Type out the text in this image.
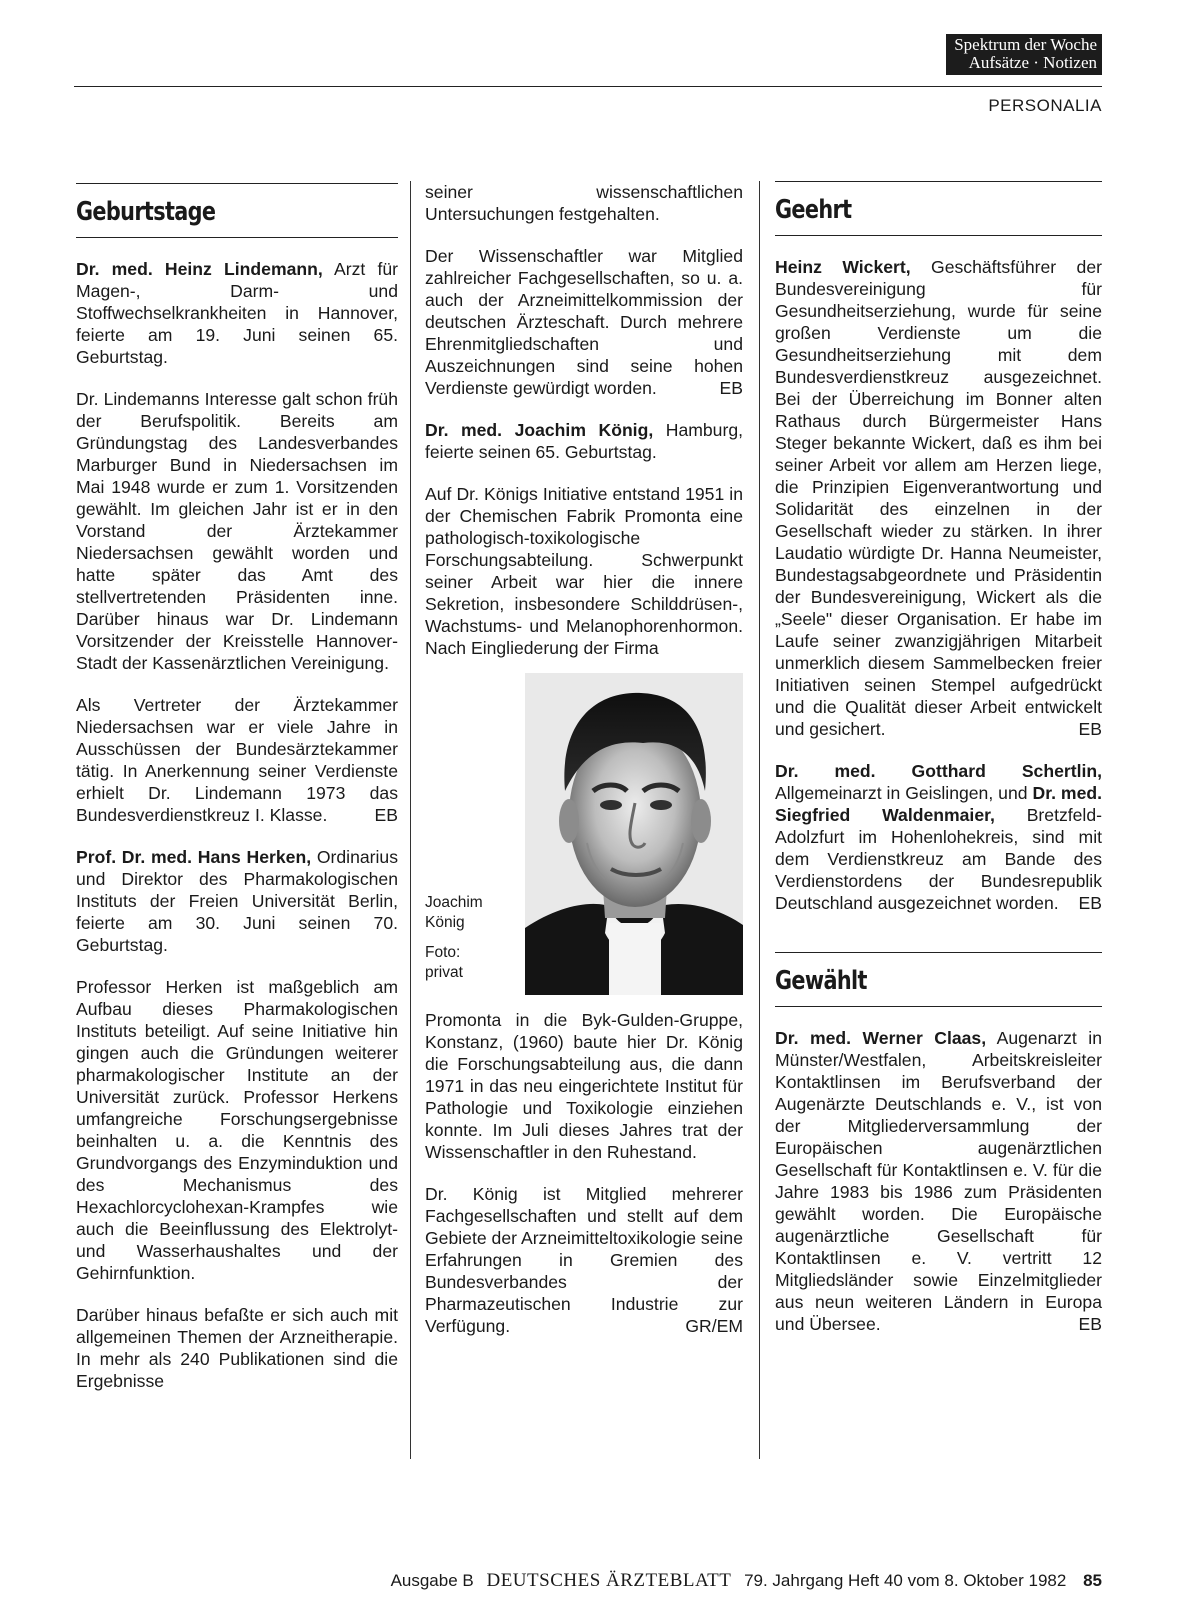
Spektrum der Woche
Aufsätze · Notizen
PERSONALIA
Geburtstage

Dr. med. Heinz Lindemann, Arzt für Magen-, Darm- und Stoffwechselkrankheiten in Hannover, feierte am 19. Juni seinen 65. Geburtstag.

Dr. Lindemanns Interesse galt schon früh der Berufspolitik. Bereits am Gründungstag des Landesverbandes Marburger Bund in Niedersachsen im Mai 1948 wurde er zum 1. Vorsitzenden gewählt. Im gleichen Jahr ist er in den Vorstand der Ärztekammer Niedersachsen gewählt worden und hatte später das Amt des stellvertretenden Präsidenten inne. Darüber hinaus war Dr. Lindemann Vorsitzender der Kreisstelle Hannover-Stadt der Kassenärztlichen Vereinigung.

Als Vertreter der Ärztekammer Niedersachsen war er viele Jahre in Ausschüssen der Bundesärztekammer tätig. In Anerkennung seiner Verdienste erhielt Dr. Lindemann 1973 das Bundesverdienstkreuz I. Klasse.	EB

Prof. Dr. med. Hans Herken, Ordinarius und Direktor des Pharmakologischen Instituts der Freien Universität Berlin, feierte am 30. Juni seinen 70. Geburtstag.

Professor Herken ist maßgeblich am Aufbau dieses Pharmakologischen Instituts beteiligt. Auf seine Initiative hin gingen auch die Gründungen weiterer pharmakologischer Institute an der Universität zurück. Professor Herkens umfangreiche Forschungsergebnisse beinhalten u. a. die Kenntnis des Grundvorgangs des Enzyminduktion und des Mechanismus des Hexachlorcyclohexan-Krampfes wie auch die Beeinflussung des Elektrolyt- und Wasserhaushaltes und der Gehirnfunktion.

Darüber hinaus befaßte er sich auch mit allgemeinen Themen der Arzneitherapie. In mehr als 240 Publikationen sind die Ergebnisse

seiner wissenschaftlichen Untersuchungen festgehalten.

Der Wissenschaftler war Mitglied zahlreicher Fachgesellschaften, so u. a. auch der Arzneimittelkommission der deutschen Ärzteschaft. Durch mehrere Ehrenmitgliedschaften und Auszeichnungen sind seine hohen Verdienste gewürdigt worden.	EB

Dr. med. Joachim König, Hamburg, feierte seinen 65. Geburtstag.

Auf Dr. Königs Initiative entstand 1951 in der Chemischen Fabrik Promonta eine pathologisch-toxikologische Forschungsabteilung. Schwerpunkt seiner Arbeit war hier die innere Sekretion, insbesondere Schilddrüsen-, Wachstums- und Melanophorenhormon. Nach Eingliederung der Firma

Joachim
König
Foto:
privat

Promonta in die Byk-Gulden-Gruppe, Konstanz, (1960) baute hier Dr. König die Forschungsabteilung aus, die dann 1971 in das neu eingerichtete Institut für Pathologie und Toxikologie einziehen konnte. Im Juli dieses Jahres trat der Wissenschaftler in den Ruhestand.

Dr. König ist Mitglied mehrerer Fachgesellschaften und stellt auf dem Gebiete der Arzneimitteltoxikologie seine Erfahrungen in Gremien des Bundesverbandes der Pharmazeutischen Industrie zur Verfügung.	GR/EM

Geehrt

Heinz Wickert, Geschäftsführer der Bundesvereinigung für Gesundheitserziehung, wurde für seine großen Verdienste um die Gesundheitserziehung mit dem Bundesverdienstkreuz ausgezeichnet. Bei der Überreichung im Bonner alten Rathaus durch Bürgermeister Hans Steger bekannte Wickert, daß es ihm bei seiner Arbeit vor allem am Herzen liege, die Prinzipien Eigenverantwortung und Solidarität des einzelnen in der Gesellschaft wieder zu stärken. In ihrer Laudatio würdigte Dr. Hanna Neumeister, Bundestagsabgeordnete und Präsidentin der Bundesvereinigung, Wickert als die „Seele" dieser Organisation. Er habe im Laufe seiner zwanzigjährigen Mitarbeit unmerklich diesem Sammelbecken freier Initiativen seinen Stempel aufgedrückt und die Qualität dieser Arbeit entwickelt und gesichert.	EB

Dr. med. Gotthard Schertlin, Allgemeinarzt in Geislingen, und Dr. med. Siegfried Waldenmaier, Bretzfeld-Adolzfurt im Hohenlohekreis, sind mit dem Verdienstkreuz am Bande des Verdienstordens der Bundesrepublik Deutschland ausgezeichnet worden. EB

Gewählt

Dr. med. Werner Claas, Augenarzt in Münster/Westfalen, Arbeitskreisleiter Kontaktlinsen im Berufsverband der Augenärzte Deutschlands e. V., ist von der Mitgliederversammlung der Europäischen augenärztlichen Gesellschaft für Kontaktlinsen e. V. für die Jahre 1983 bis 1986 zum Präsidenten gewählt worden. Die Europäische augenärztliche Gesellschaft für Kontaktlinsen e. V. vertritt 12 Mitgliedsländer sowie Einzelmitglieder aus neun weiteren Ländern in Europa und Übersee.	EB

Ausgabe B DEUTSCHES ÄRZTEBLATT 79. Jahrgang Heft 40 vom 8. Oktober 1982 85
